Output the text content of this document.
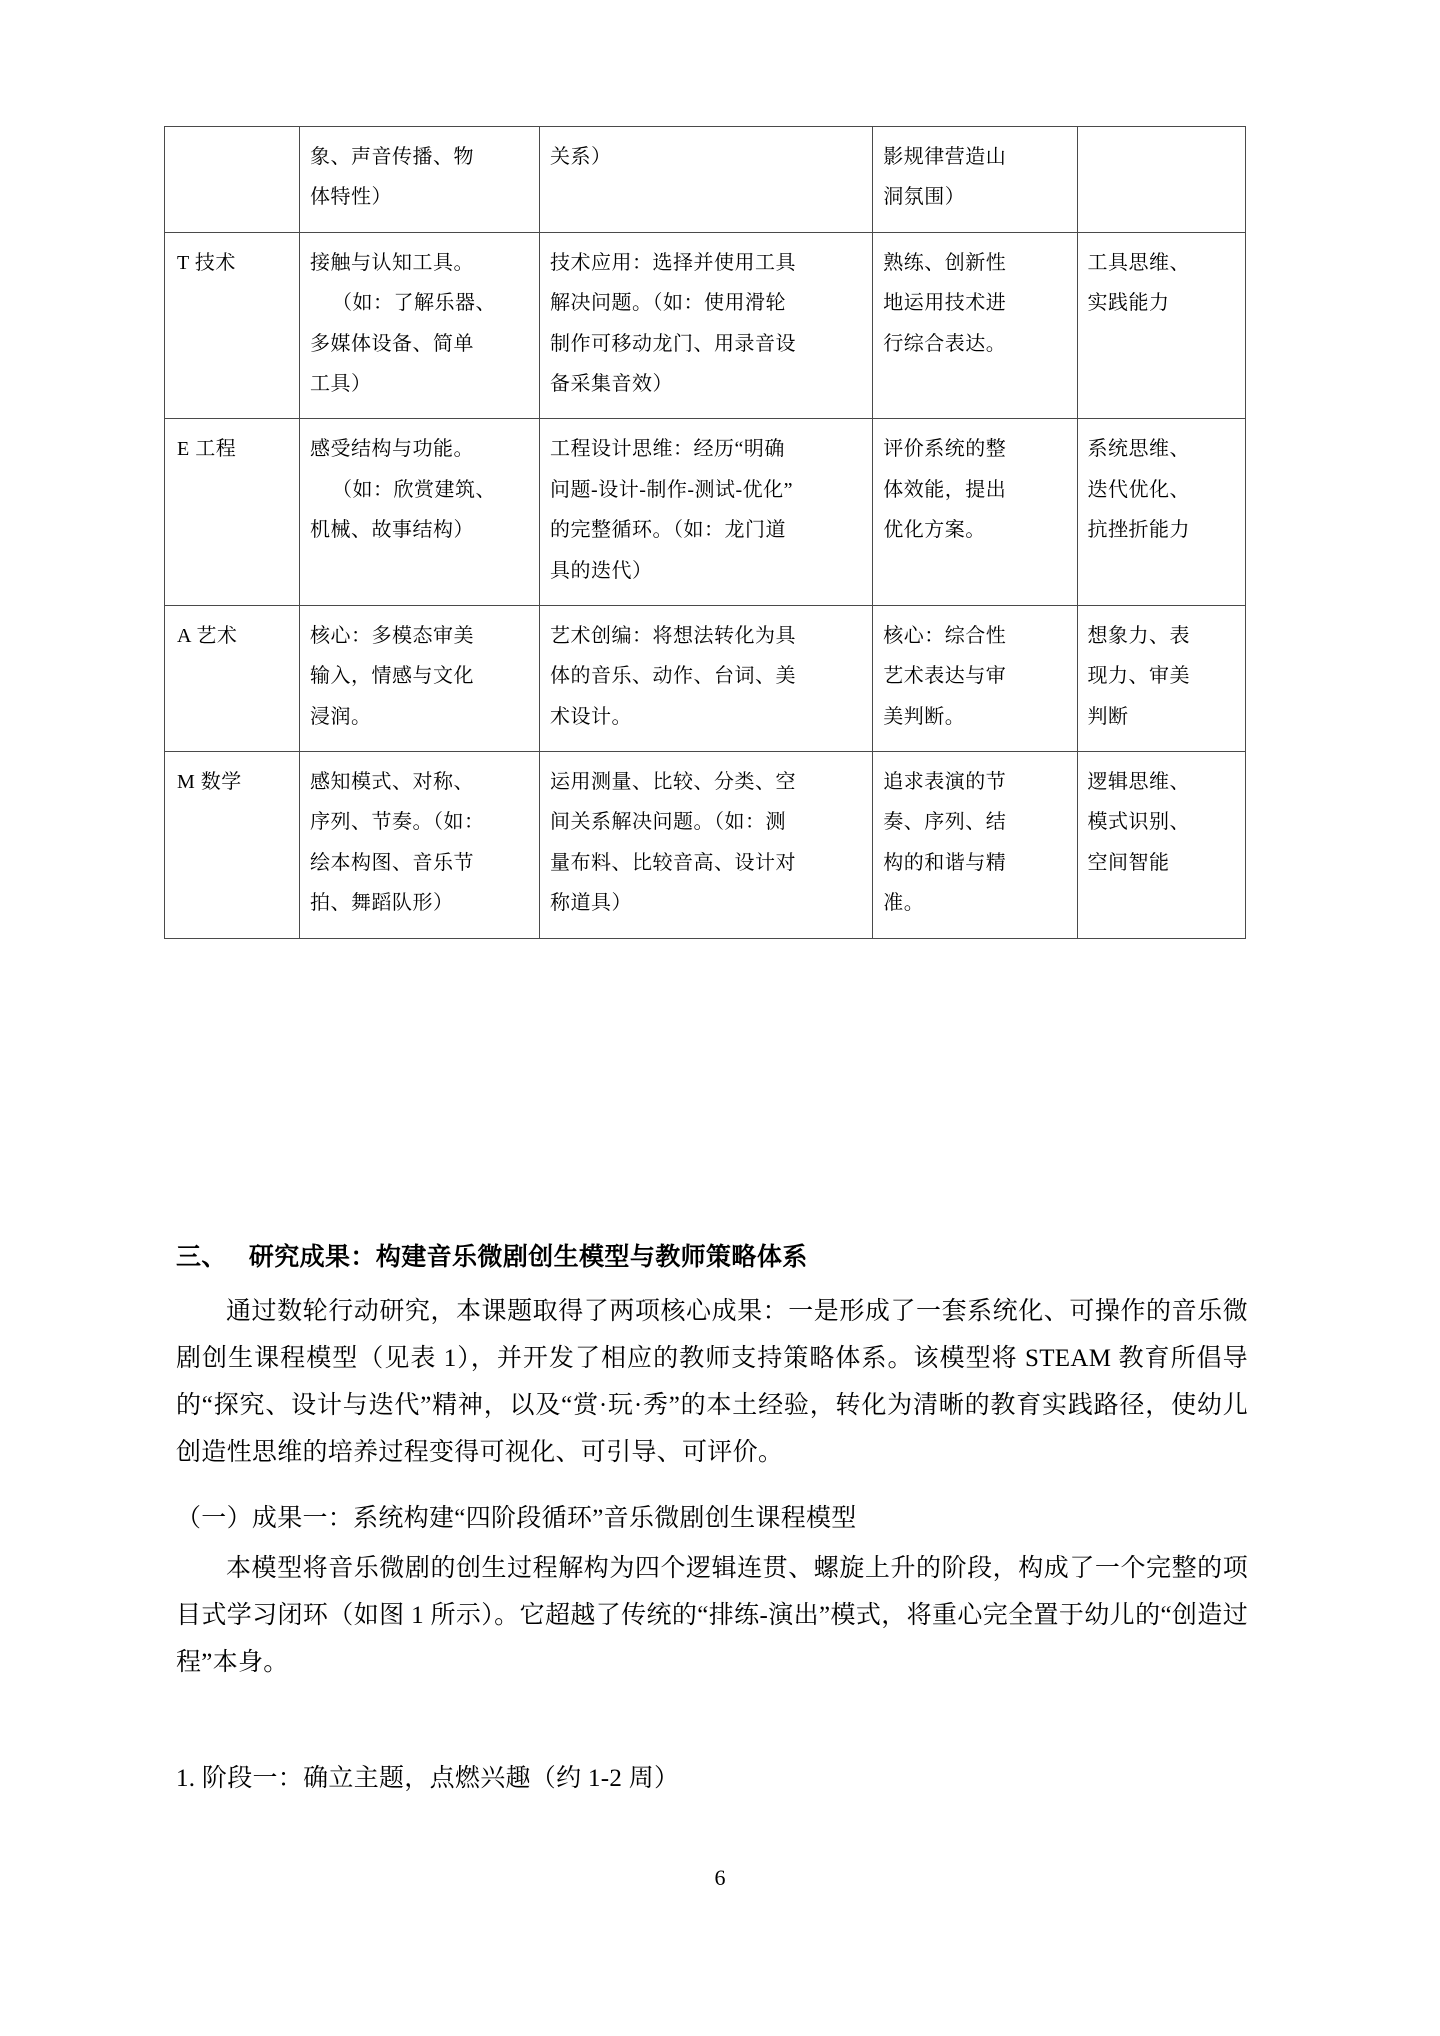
	象、声音传播、物
体特性）	关系）	影规律营造山
洞氛围）	

T 技术	接触与认知工具。
（如：了解乐器、
多媒体设备、简单
工具）	技术应用：选择并使用工具
解决问题。（如：使用滑轮
制作可移动龙门、用录音设
备采集音效）	熟练、创新性
地运用技术进
行综合表达。	工具思维、
实践能力

E 工程	感受结构与功能。
（如：欣赏建筑、
机械、故事结构）	工程设计思维：经历“明确
问题-设计-制作-测试-优化”
的完整循环。（如：龙门道
具的迭代）	评价系统的整
体效能，提出
优化方案。	系统思维、
迭代优化、
抗挫折能力

A 艺术	核心：多模态审美
输入，情感与文化
浸润。	艺术创编：将想法转化为具
体的音乐、动作、台词、美
术设计。	核心：综合性
艺术表达与审
美判断。	想象力、表
现力、审美
判断

M 数学	感知模式、对称、
序列、节奏。（如：
绘本构图、音乐节
拍、舞蹈队形）	运用测量、比较、分类、空
间关系解决问题。（如：测
量布料、比较音高、设计对
称道具）	追求表演的节
奏、序列、结
构的和谐与精
准。	逻辑思维、
模式识别、
空间智能
三、 研究成果：构建音乐微剧创生模型与教师策略体系
通过数轮行动研究，本课题取得了两项核心成果：一是形成了一套系统化、可操作的音乐微剧创生课程模型（见表 1），并开发了相应的教师支持策略体系。该模型将 STEAM 教育所倡导的“探究、设计与迭代”精神，以及“赏·玩·秀”的本土经验，转化为清晰的教育实践路径，使幼儿创造性思维的培养过程变得可视化、可引导、可评价。
（一）成果一：系统构建“四阶段循环”音乐微剧创生课程模型
本模型将音乐微剧的创生过程解构为四个逻辑连贯、螺旋上升的阶段，构成了一个完整的项目式学习闭环（如图 1 所示）。它超越了传统的“排练-演出”模式，将重心完全置于幼儿的“创造过程”本身。
1. 阶段一：确立主题，点燃兴趣（约 1-2 周）
6
